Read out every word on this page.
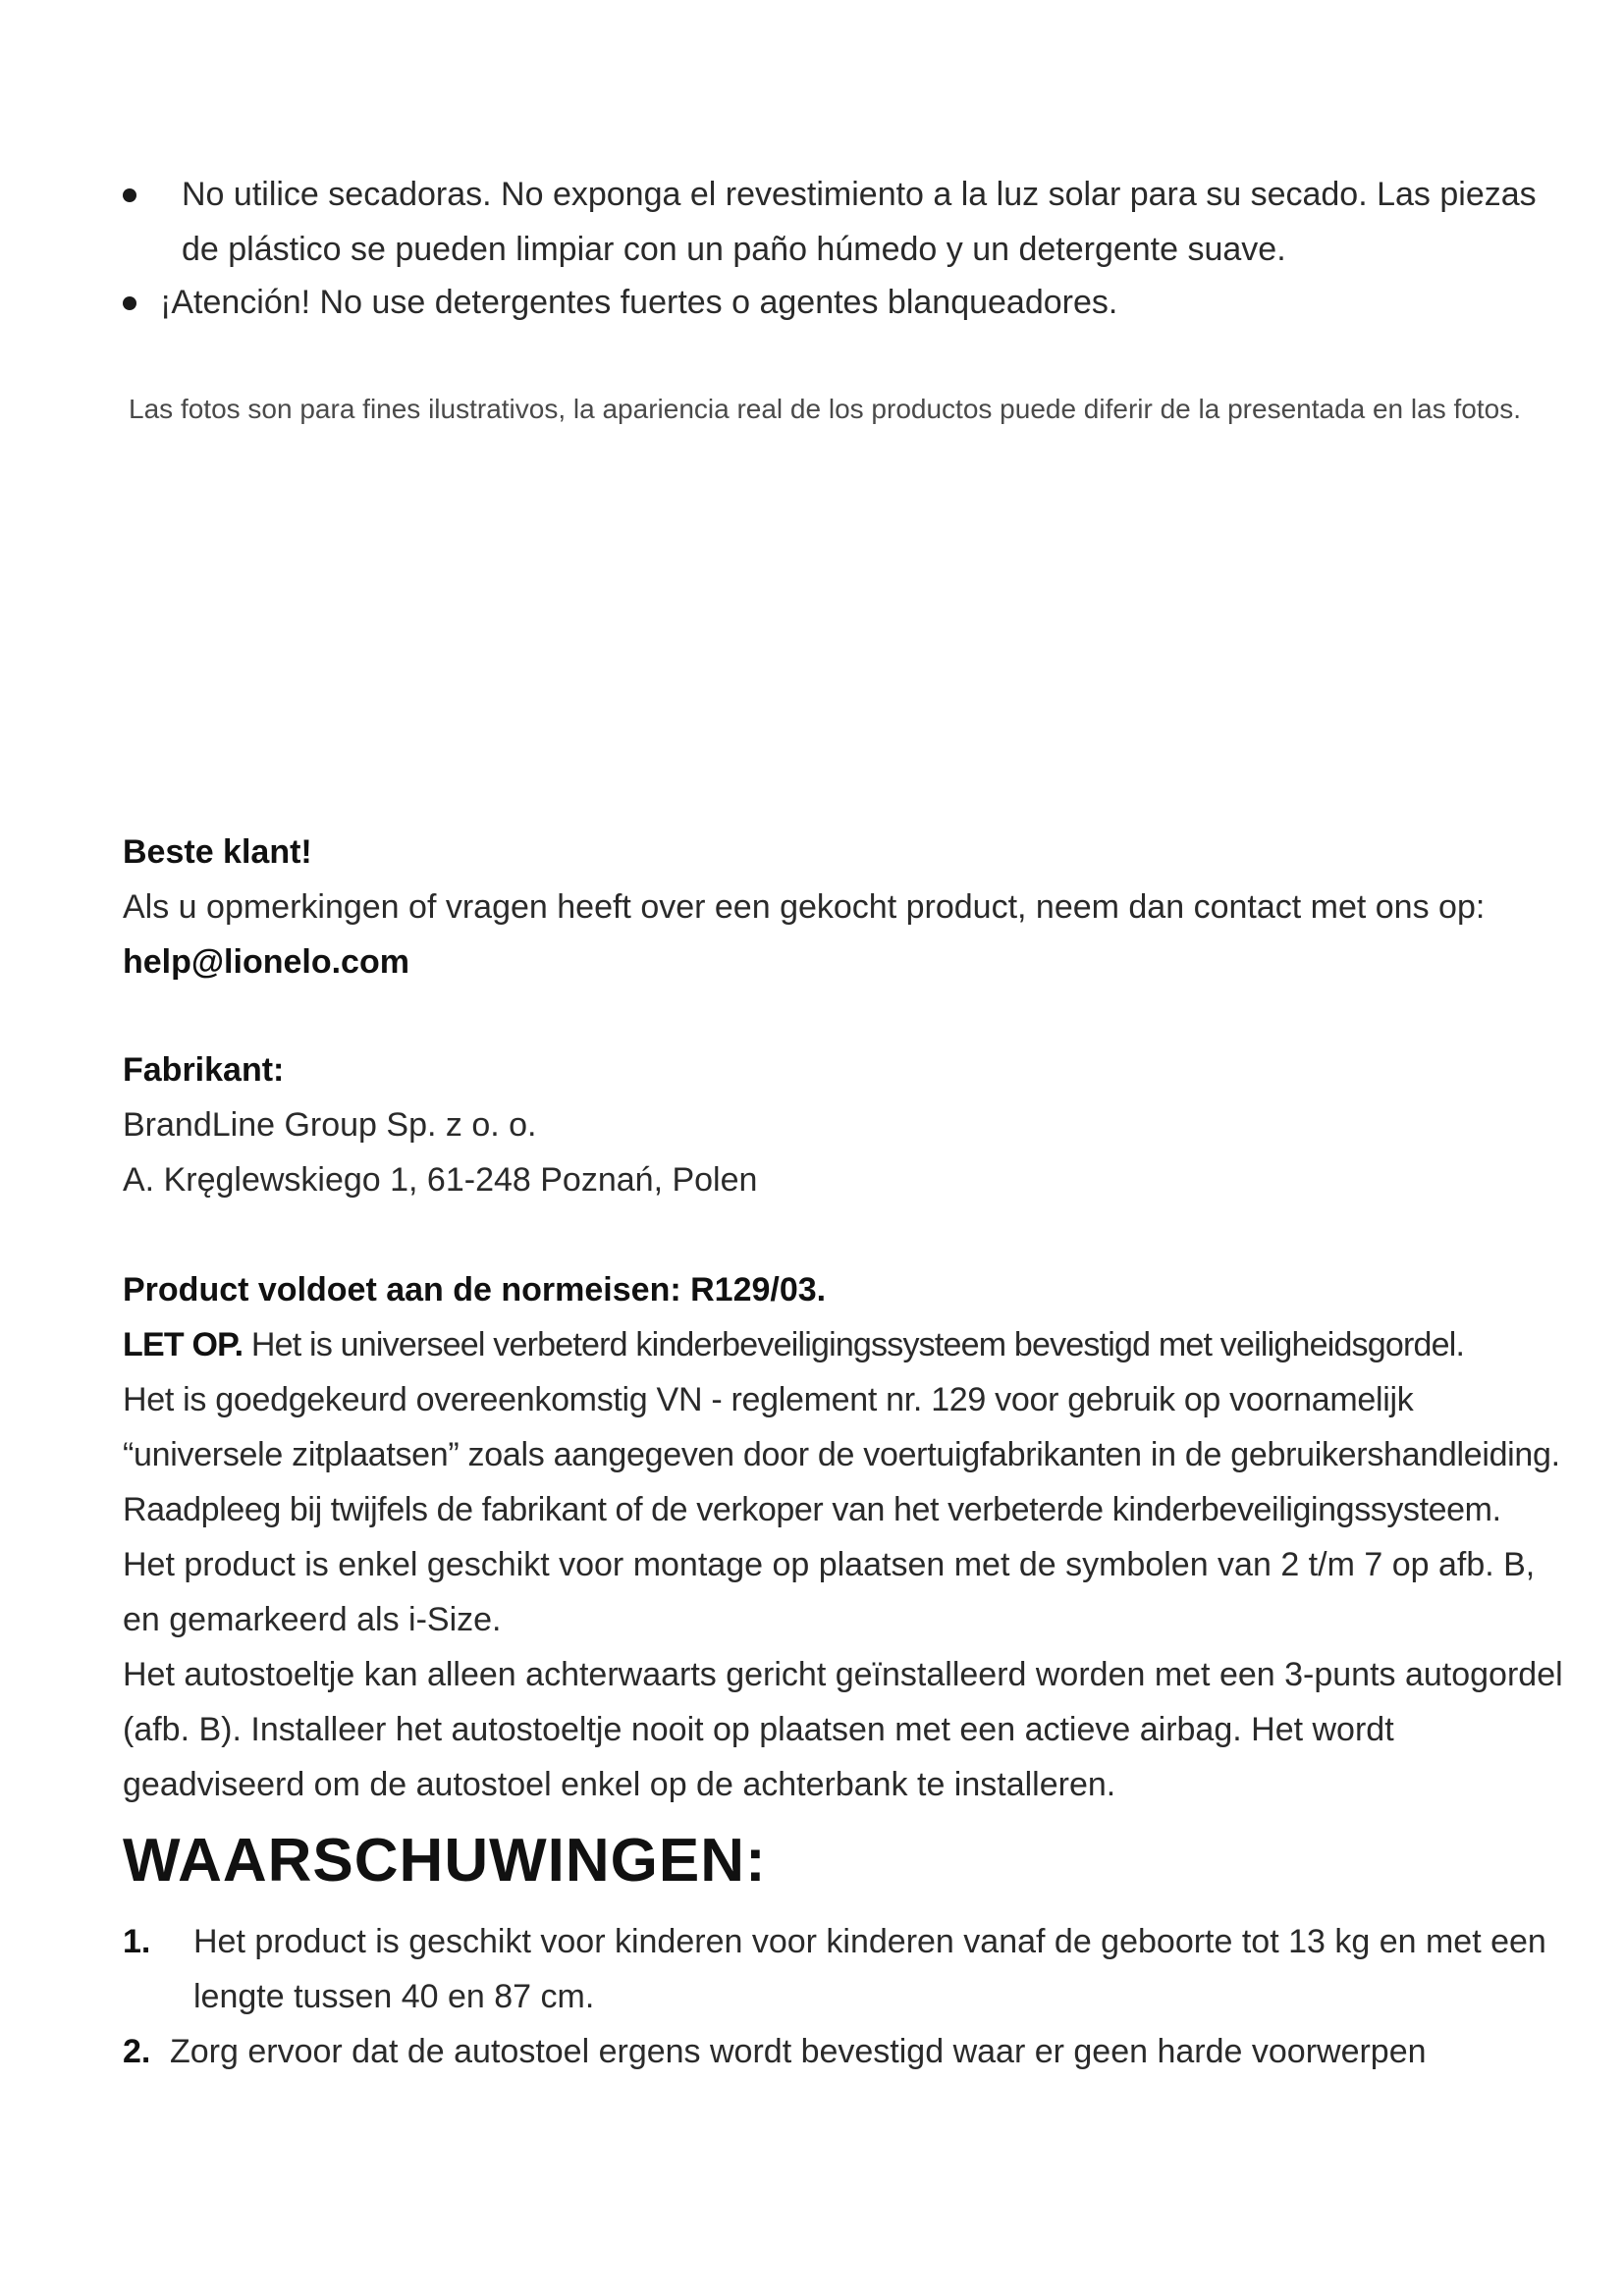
No utilice secadoras. No exponga el revestimiento a la luz solar para su secado. Las piezas de plástico se pueden limpiar con un paño húmedo y un detergente suave.
¡Atención! No use detergentes fuertes o agentes blanqueadores.
Las fotos son para fines ilustrativos, la apariencia real de los productos puede diferir de la presentada en las fotos.
Beste klant!
Als u opmerkingen of vragen heeft over een gekocht product, neem dan contact met ons op:
help@lionelo.com
Fabrikant:
BrandLine Group Sp. z o. o.
A. Kręglewskiego 1, 61-248 Poznań, Polen
Product voldoet aan de normeisen: R129/03.
LET OP. Het is universeel verbeterd kinderbeveiligingssysteem bevestigd met veiligheidsgordel.
Het is goedgekeurd overeenkomstig VN - reglement nr. 129 voor gebruik op voornamelijk “universele zitplaatsen” zoals aangegeven door de voertuigfabrikanten in de gebruikershandleiding.
Raadpleeg bij twijfels de fabrikant of de verkoper van het verbeterde kinderbeveiligingssysteem.
Het product is enkel geschikt voor montage op plaatsen met de symbolen van 2 t/m 7 op afb. B, en gemarkeerd als i-Size.
Het autostoeltje kan alleen achterwaarts gericht geïnstalleerd worden met een 3-punts autogordel (afb. B). Installeer het autostoeltje nooit op plaatsen met een actieve airbag. Het wordt geadviseerd om de autostoel enkel op de achterbank te installeren.
WAARSCHUWINGEN:
1. Het product is geschikt voor kinderen voor kinderen vanaf de geboorte tot 13 kg en met een lengte tussen 40 en 87 cm.
2. Zorg ervoor dat de autostoel ergens wordt bevestigd waar er geen harde voorwerpen
